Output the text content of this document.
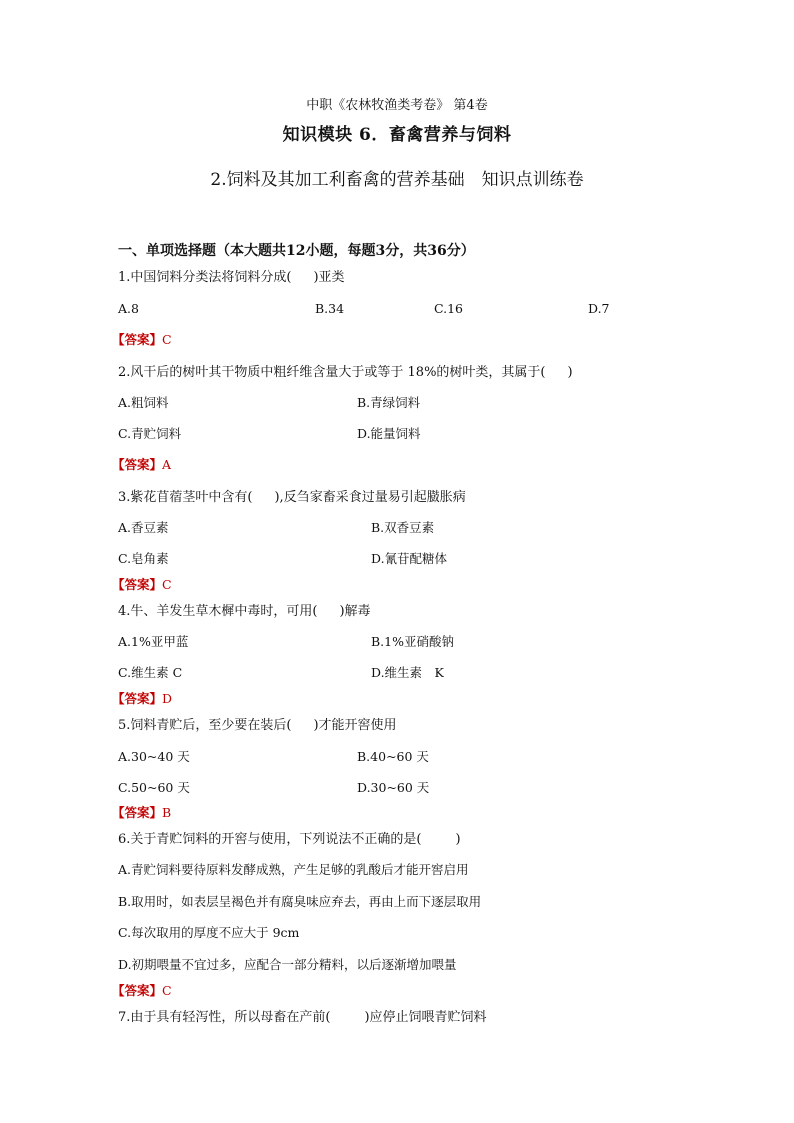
中职《农林牧渔类考卷》 第4卷
知识模块 6．畜禽营养与饲料
2.饲料及其加工利畜禽的营养基础　知识点训练卷
一、单项选择题（本大题共12小题，每题3分，共36分）
1.中国饲料分类法将饲料分成( )亚类
A.8	B.34	C.16	D.7
【答案】C
2.风干后的树叶其干物质中粗纤维含量大于或等于 18%的树叶类，其属于( )
A.粗饲料	B.青绿饲料
C.青贮饲料	D.能量饲料
【答案】A
3.紫花苜蓿茎叶中含有( ),反刍家畜采食过量易引起臌胀病
A.香豆素	B.双香豆素
C.皂角素	D.氰苷配糖体
【答案】C
4.牛、羊发生草木樨中毒时，可用( )解毒
A.1%亚甲蓝	B.1%亚硝酸钠
C.维生素 C	D.维生素　K
【答案】D
5.饲料青贮后，至少要在装后( )才能开窖使用
A.30~40 天	B.40~60 天
C.50~60 天	D.30~60 天
【答案】B
6.关于青贮饲料的开窖与使用，下列说法不正确的是(	)
A.青贮饲料要待原料发酵成熟，产生足够的乳酸后才能开窖启用
B.取用时，如表层呈褐色并有腐臭味应弃去，再由上而下逐层取用
C.每次取用的厚度不应大于 9cm
D.初期喂量不宜过多，应配合一部分精料，以后逐渐增加喂量
【答案】C
7.由于具有轻泻性，所以母畜在产前(	)应停止饲喂青贮饲料
